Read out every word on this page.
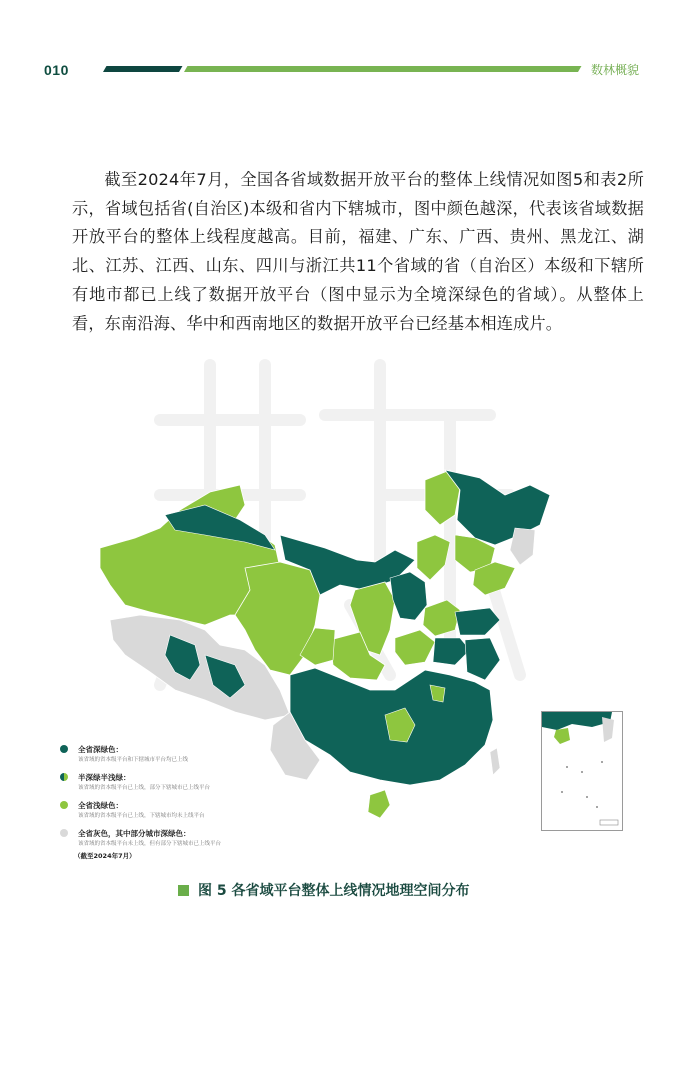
010	数林概貌

截至2024年7月，全国各省域数据开放平台的整体上线情况如图5和表2所示，省域包括省(自治区)本级和省内下辖城市，图中颜色越深，代表该省域数据开放平台的整体上线程度越高。目前，福建、广东、广西、贵州、黑龙江、湖北、江苏、江西、山东、四川与浙江共11个省域的省（自治区）本级和下辖所有地市都已上线了数据开放平台（图中显示为全境深绿色的省域）。从整体上看，东南沿海、华中和西南地区的数据开放平台已经基本相连成片。

全省深绿色：
该省域的省本级平台和下辖城市平台均已上线
半深绿半浅绿：
该省域的省本级平台已上线，部分下辖城市已上线平台
全省浅绿色：
该省域的省本级平台已上线，下辖城市均未上线平台
全省灰色，其中部分城市深绿色：
该省域的省本级平台未上线，但有部分下辖城市已上线平台
（截至2024年7月）
图 5 各省域平台整体上线情况地理空间分布
